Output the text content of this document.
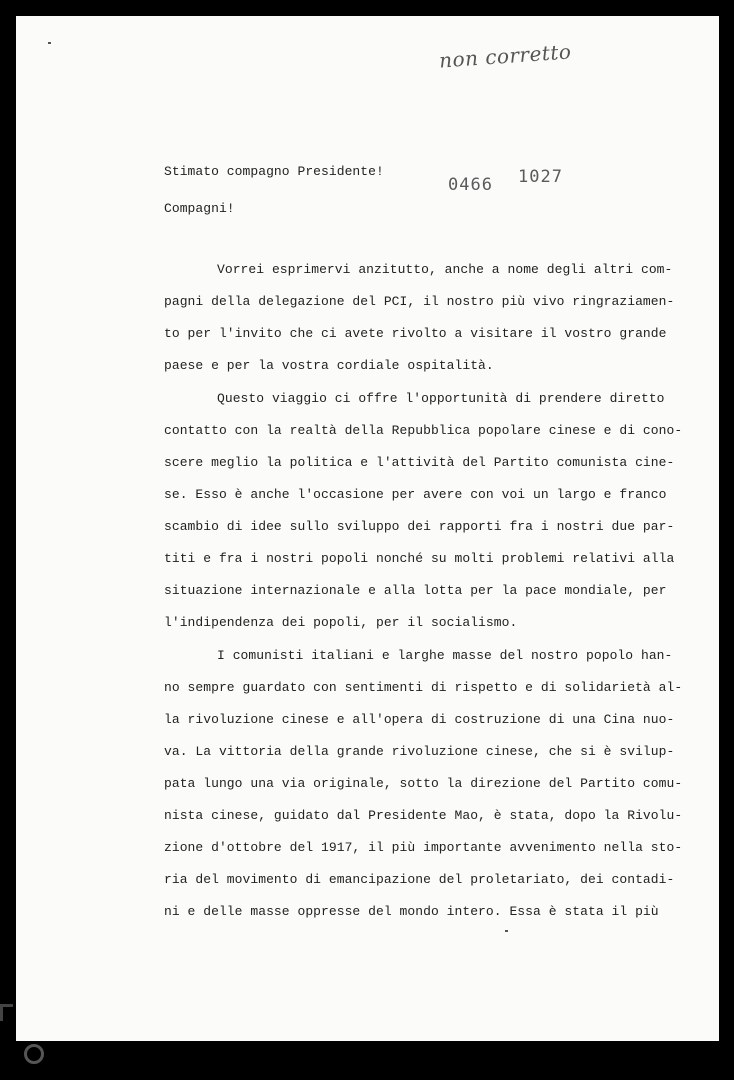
non corretto
0466 1027
Stimato compagno Presidente!
Compagni!
Vorrei esprimervi anzitutto, anche a nome degli altri com-
pagni della delegazione del PCI, il nostro più vivo ringraziamen-
to per l'invito che ci avete rivolto a visitare il vostro grande
paese e per la vostra cordiale ospitalità.
Questo viaggio ci offre l'opportunità di prendere diretto
contatto con la realtà della Repubblica popolare cinese e di cono-
scere meglio la politica e l'attività del Partito comunista cine-
se. Esso è anche l'occasione per avere con voi un largo e franco
scambio di idee sullo sviluppo dei rapporti fra i nostri due par-
titi e fra i nostri popoli nonché su molti problemi relativi alla
situazione internazionale e alla lotta per la pace mondiale, per
l'indipendenza dei popoli, per il socialismo.
I comunisti italiani e larghe masse del nostro popolo han-
no sempre guardato con sentimenti di rispetto e di solidarietà al-
la rivoluzione cinese e all'opera di costruzione di una Cina nuo-
va. La vittoria della grande rivoluzione cinese, che si è svilup-
pata lungo una via originale, sotto la direzione del Partito comu-
nista cinese, guidato dal Presidente Mao, è stata, dopo la Rivolu-
zione d'ottobre del 1917, il più importante avvenimento nella sto-
ria del movimento di emancipazione del proletariato, dei contadi-
ni e delle masse oppresse del mondo intero. Essa è stata il più
